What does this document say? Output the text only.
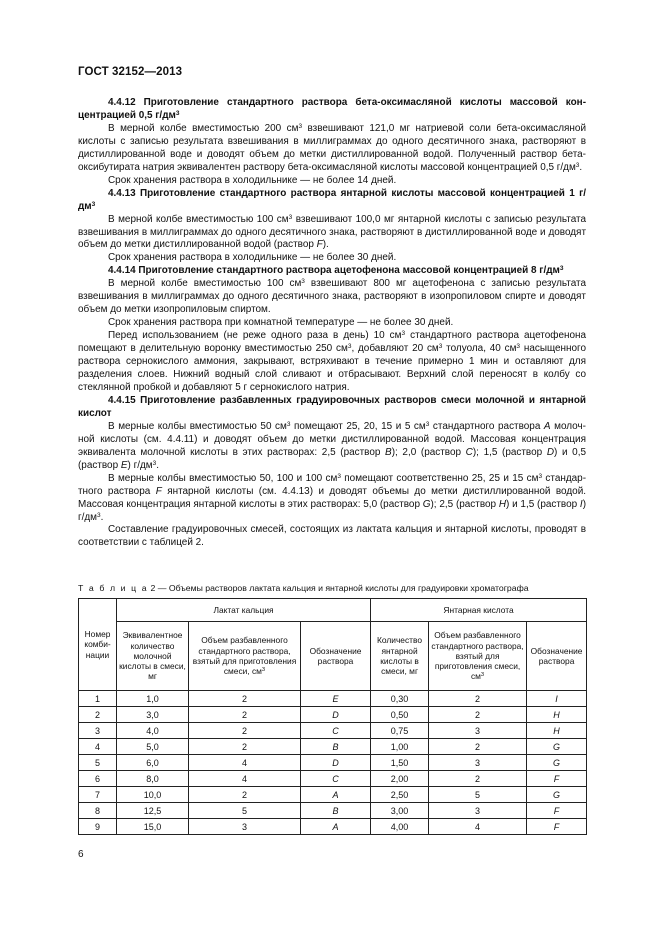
ГОСТ 32152—2013

4.4.12 Приготовление стандартного раствора бета-оксимасляной кислоты массовой концентрацией 0,5 $г/дм^3$

В мерной колбе вместимостью 200 $см^3$ взвешивают 121,0 мг натриевой соли бета-оксимасляной кислоты с записью результата взвешивания в миллиграммах до одного десятичного знака, растворяют в дистиллированной воде и доводят объем до метки дистиллированной водой. Полученный раствор бета-оксибутирата натрия эквивалентен раствору бета-оксимасляной кислоты массовой концентрацией 0,5 $г/дм^3$.

Срок хранения раствора в холодильнике — не более 14 дней.

4.4.13 Приготовление стандартного раствора янтарной кислоты массовой концентрацией 1 $г/дм^3$

В мерной колбе вместимостью 100 $см^3$ взвешивают 100,0 мг янтарной кислоты с записью результата взвешивания в миллиграммах до одного десятичного знака, растворяют в дистиллированной воде и доводят объем до метки дистиллированной водой (раствор F).

Срок хранения раствора в холодильнике — не более 30 дней.

4.4.14 Приготовление стандартного раствора ацетофенона массовой концентрацией 8 $г/дм^3$

В мерной колбе вместимостью 100 $см^3$ взвешивают 800 мг ацетофенона с записью результата взвешивания в миллиграммах до одного десятичного знака, растворяют в изопропиловом спирте и доводят объем до метки изопропиловым спиртом.

Срок хранения раствора при комнатной температуре — не более 30 дней.

Перед использованием (не реже одного раза в день) 10 $см^3$ стандартного раствора ацетофенона помещают в делительную воронку вместимостью 250 $см^3$, добавляют 20 $см^3$ толуола, 40 $см^3$ насыщенного раствора сернокислого аммония, закрывают, встряхивают в течение примерно 1 мин и оставляют для разделения слоев. Нижний водный слой сливают и отбрасывают. Верхний слой переносят в колбу со стеклянной пробкой и добавляют 5 г сернокислого натрия.

4.4.15 Приготовление разбавленных градуировочных растворов смеси молочной и янтарной кислот

В мерные колбы вместимостью 50 $см^3$ помещают 25, 20, 15 и 5 $см^3$ стандартного раствора A молочной кислоты (см. 4.4.11) и доводят объем до метки дистиллированной водой. Массовая концентрация эквивалента молочной кислоты в этих растворах: 2,5 (раствор B); 2,0 (раствор C); 1,5 (раствор D) и 0,5 (раствор E) $г/дм^3$.

В мерные колбы вместимостью 50, 100 и 100 $см^3$ помещают соответственно 25, 25 и 15 $см^3$ стандартного раствора F янтарной кислоты (см. 4.4.13) и доводят объемы до метки дистиллированной водой. Массовая концентрация янтарной кислоты в этих растворах: 5,0 (раствор G); 2,5 (раствор H) и 1,5 (раствор I) $г/дм^3$.

Составление градуировочных смесей, состоящих из лактата кальция и янтарной кислоты, проводят в соответствии с таблицей 2.

Т а б л и ц а 2 — Объемы растворов лактата кальция и янтарной кислоты для градуировки хроматографа
Номер комбинации	Лактат кальция			Янтарная кислота		
	Эквивалентное количество молочной кислоты в смеси, мг	Объем разбавленного стандартного раствора, взятый для приготовления смеси, $см^3$	Обозначение раствора	Количество янтарной кислоты в смеси, мг	Объем разбавленного стандартного раствора, взятый для приготовления смеси, $см^3$	Обозначение раствора
1	1,0	2	E	0,30	2	I
2	3,0	2	D	0,50	2	H
3	4,0	2	C	0,75	3	H
4	5,0	2	B	1,00	2	G
5	6,0	4	D	1,50	3	G
6	8,0	4	C	2,00	2	F
7	10,0	2	A	2,50	5	G
8	12,5	5	B	3,00	3	F
9	15,0	3	A	4,00	4	F
6
